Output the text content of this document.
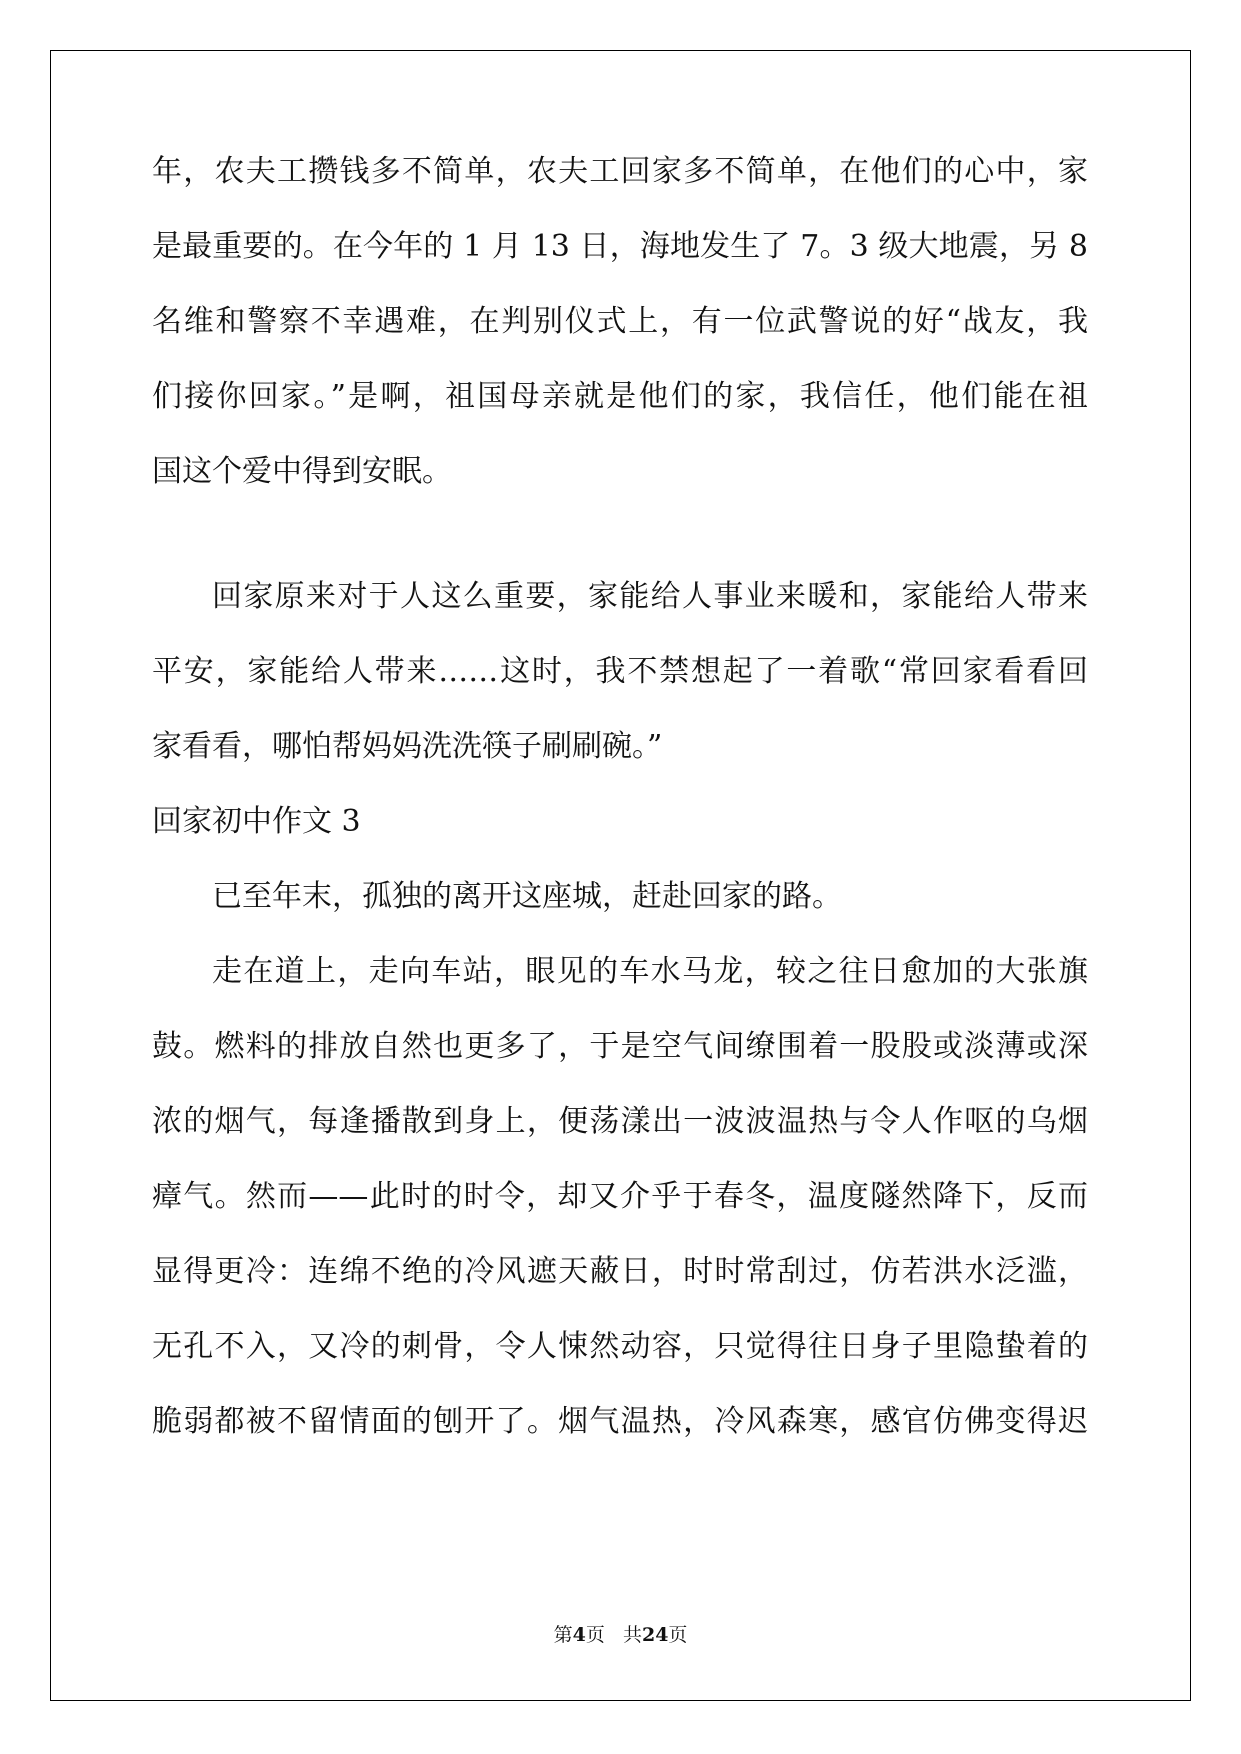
年，农夫工攒钱多不简单，农夫工回家多不简单，在他们的心中，家

是最重要的。在今年的 1 月 13 日，海地发生了 7。3 级大地震，另 8

名维和警察不幸遇难，在判别仪式上，有一位武警说的好“战友，我

们接你回家。”是啊，祖国母亲就是他们的家，我信任，他们能在祖

国这个爱中得到安眠。

回家原来对于人这么重要，家能给人事业来暖和，家能给人带来

平安，家能给人带来……这时，我不禁想起了一着歌“常回家看看回

家看看，哪怕帮妈妈洗洗筷子刷刷碗。”

回家初中作文 3

已至年末，孤独的离开这座城，赶赴回家的路。

走在道上，走向车站，眼见的车水马龙，较之往日愈加的大张旗

鼓。燃料的排放自然也更多了，于是空气间缭围着一股股或淡薄或深

浓的烟气，每逢播散到身上，便荡漾出一波波温热与令人作呕的乌烟

瘴气。然而——此时的时令，却又介乎于春冬，温度隧然降下，反而

显得更冷：连绵不绝的冷风遮天蔽日，时时常刮过，仿若洪水泛滥，

无孔不入，又冷的刺骨，令人悚然动容，只觉得往日身子里隐蛰着的

脆弱都被不留情面的刨开了。烟气温热，冷风森寒，感官仿佛变得迟

第4页 共24页
